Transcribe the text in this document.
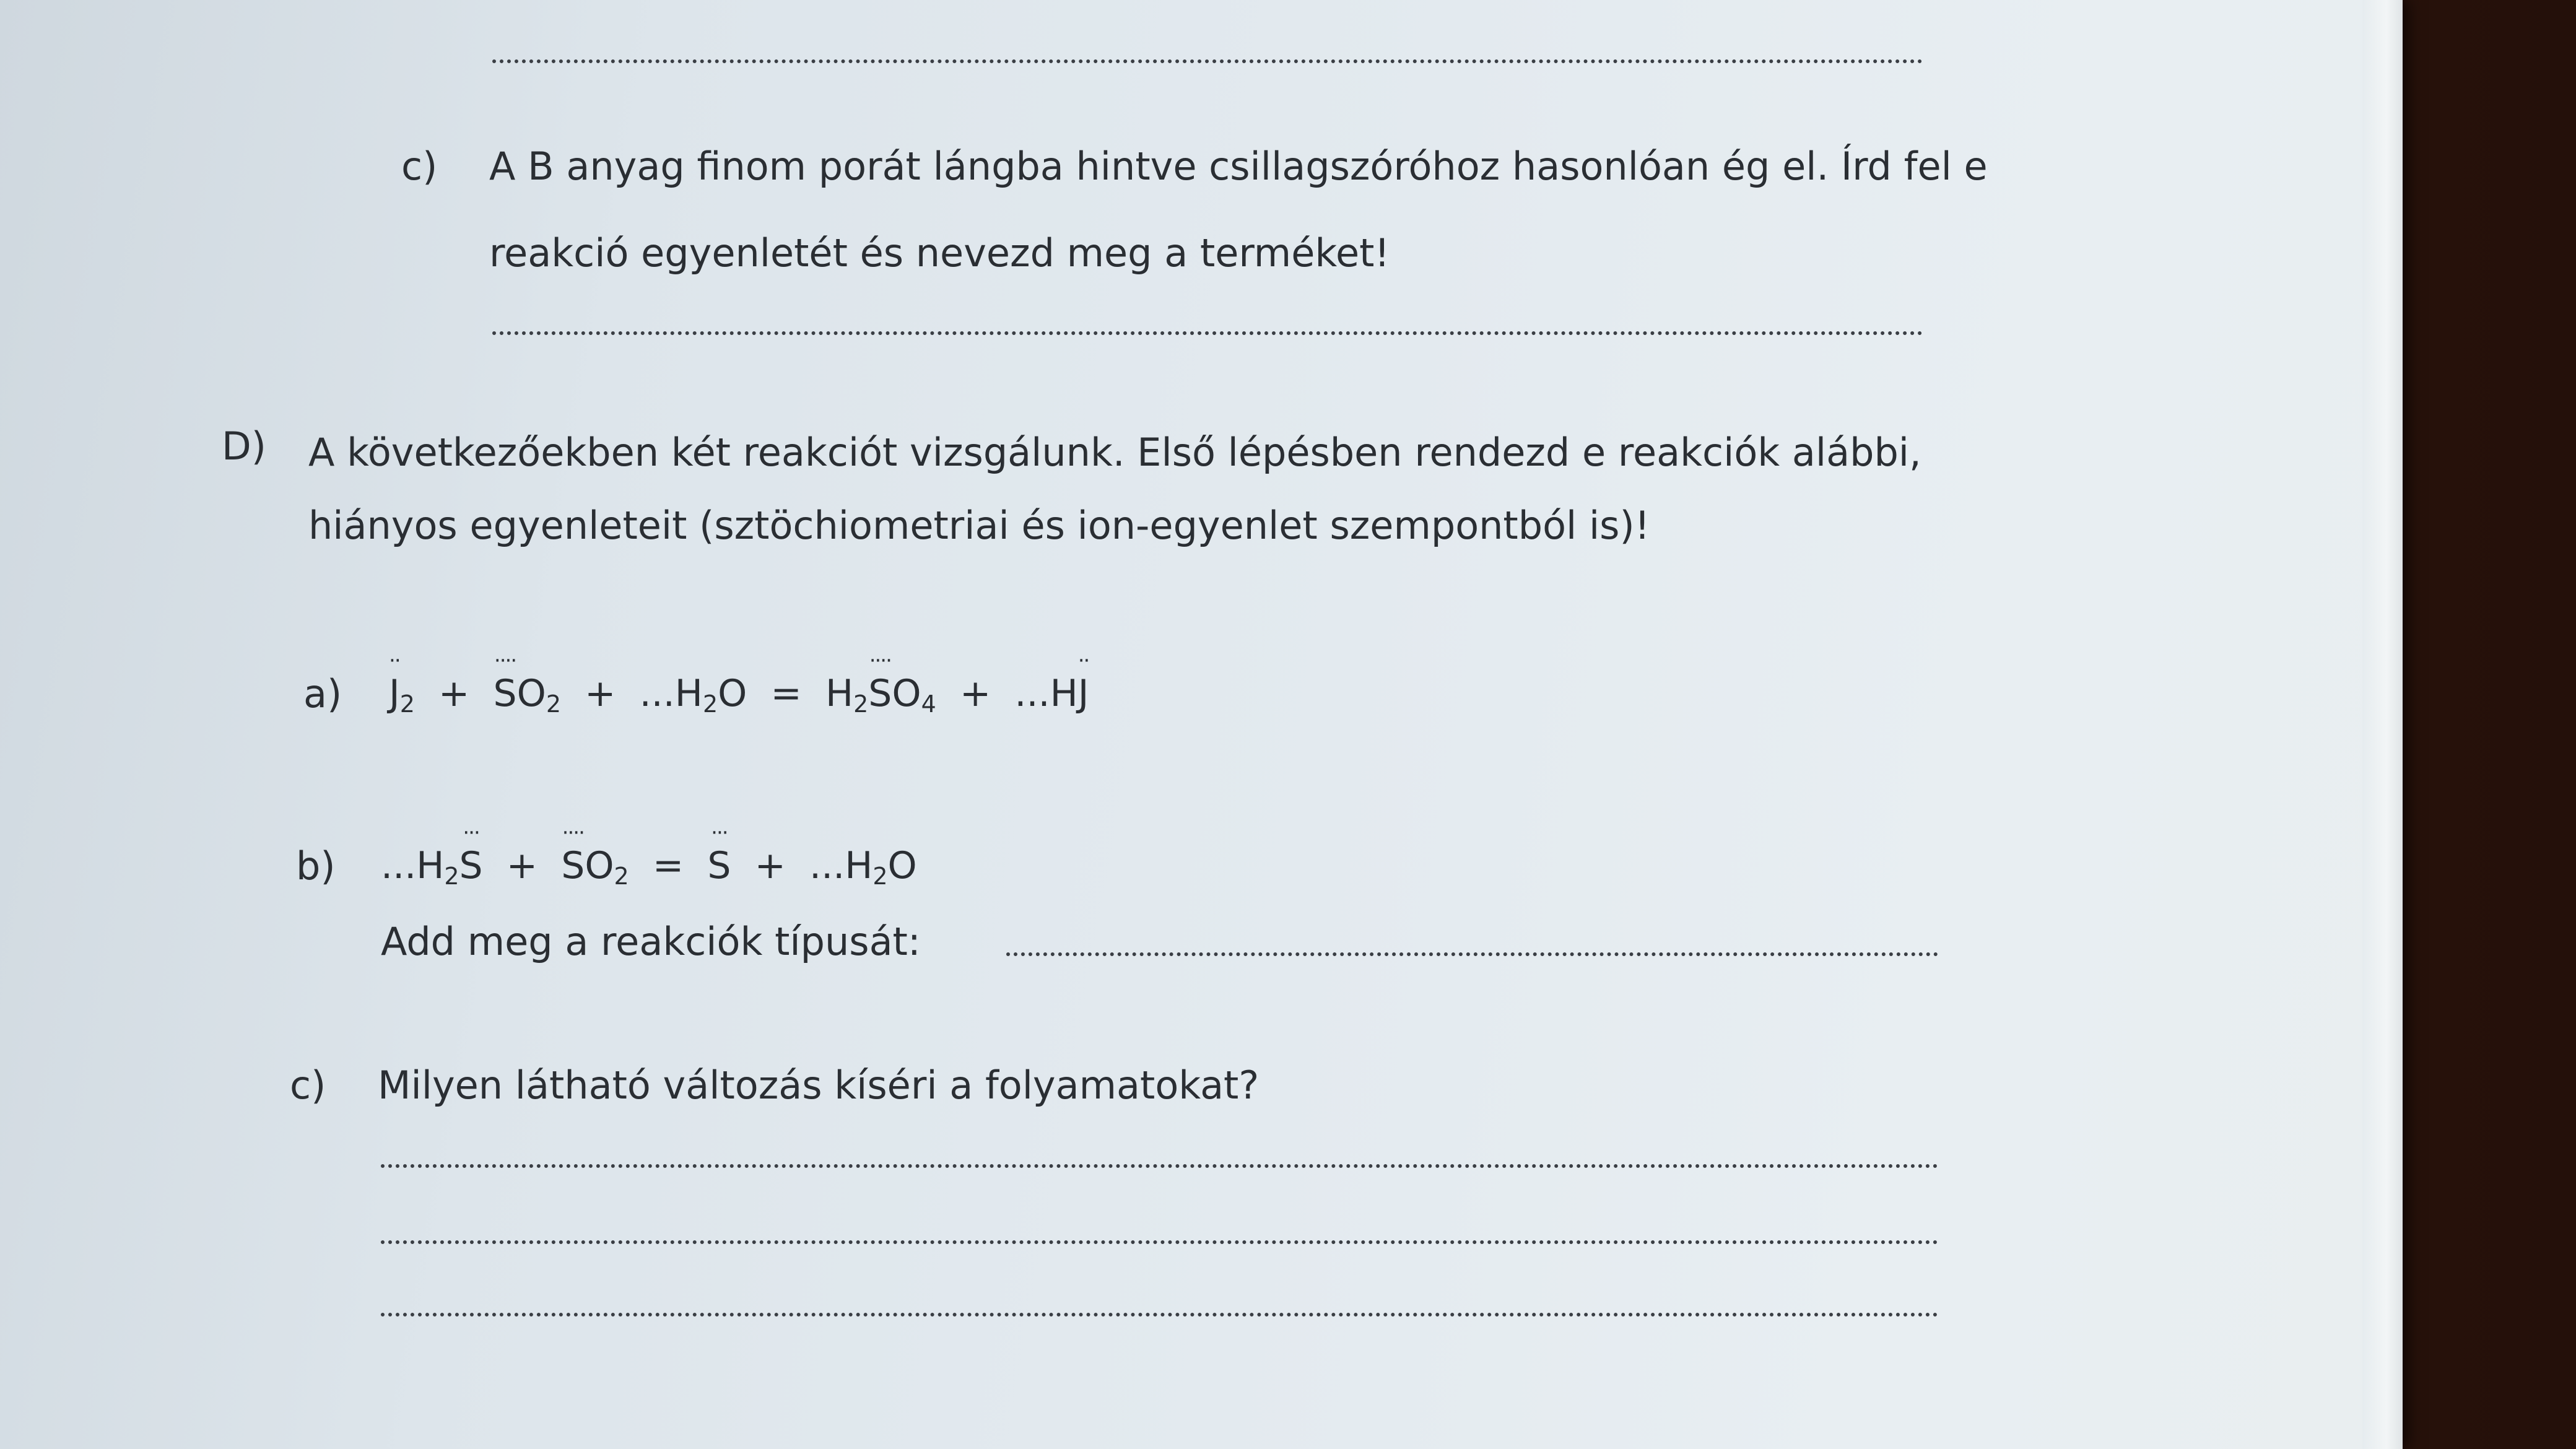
c) A B anyag finom porát lángba hintve csillagszóróhoz hasonlóan ég el. Írd fel e

reakció egyenletét és nevezd meg a terméket!

D) A következőekben két reakciót vizsgálunk. Első lépésben rendezd e reakciók alábbi,

hiányos egyenleteit (sztöchiometriai és ion-egyenlet szempontból is)!

a)

··
$J_2$ +
····
$SO_2 + ...H_2O = H_2$
····
$SO_4 + ...H$
··
J

b) $...H_2$
···
S +
····
$SO_2$ =
···
$S + ...H_2O$

Add meg a reakciók típusát:

c) Milyen látható változás kíséri a folyamatokat?
